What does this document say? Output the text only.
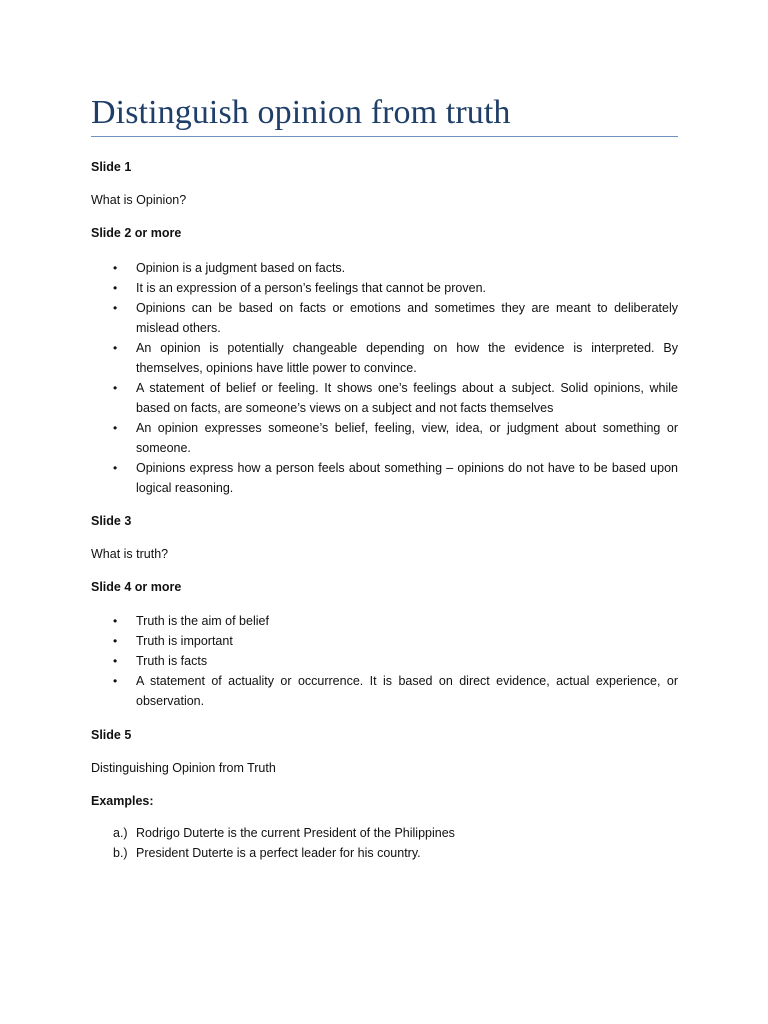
Distinguish opinion from truth

Slide 1

What is Opinion?

Slide 2 or more

• Opinion is a judgment based on facts.
• It is an expression of a person’s feelings that cannot be proven.
• Opinions can be based on facts or emotions and sometimes they are meant to deliberately mislead others.
• An opinion is potentially changeable depending on how the evidence is interpreted. By themselves, opinions have little power to convince.
• A statement of belief or feeling. It shows one’s feelings about a subject. Solid opinions, while based on facts, are someone’s views on a subject and not facts themselves
• An opinion expresses someone’s belief, feeling, view, idea, or judgment about something or someone.
• Opinions express how a person feels about something – opinions do not have to be based upon logical reasoning.

Slide 3

What is truth?

Slide 4 or more

• Truth is the aim of belief
• Truth is important
• Truth is facts
• A statement of actuality or occurrence. It is based on direct evidence, actual experience, or observation.

Slide 5

Distinguishing Opinion from Truth

Examples:

a.) Rodrigo Duterte is the current President of the Philippines
b.) President Duterte is a perfect leader for his country.
